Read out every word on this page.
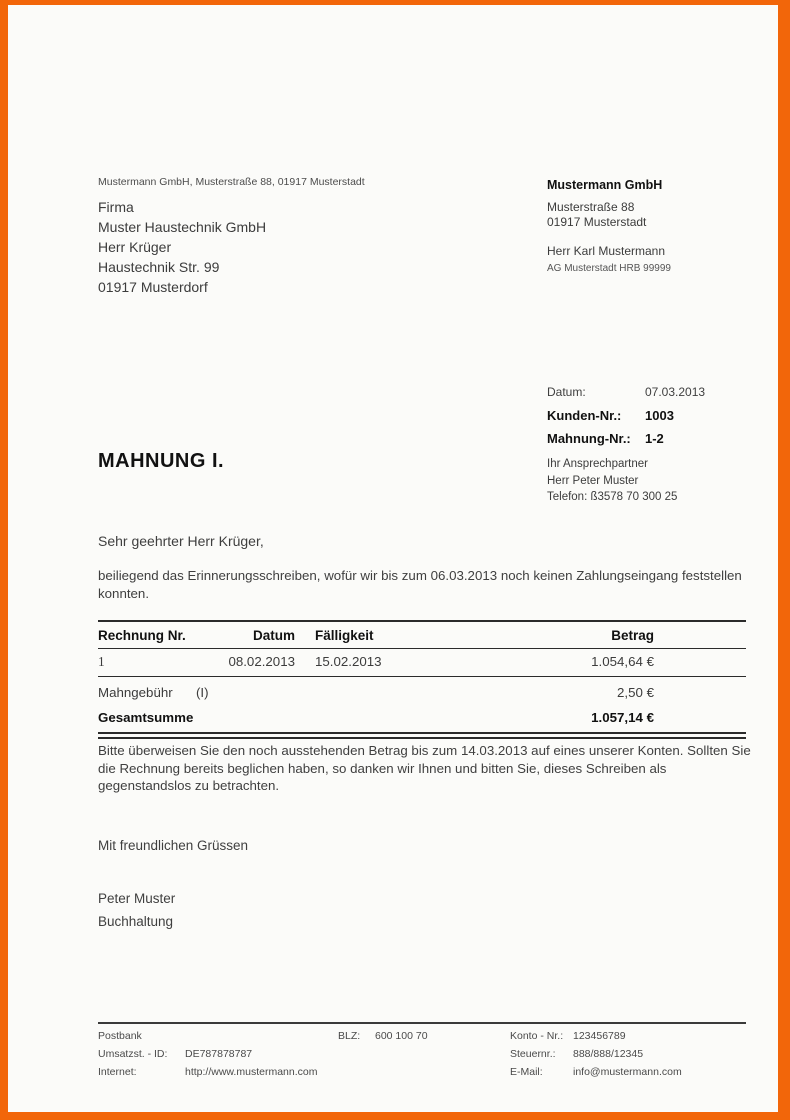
Mustermann GmbH, Musterstraße 88, 01917 Musterstadt
Firma
Muster Haustechnik GmbH
Herr Krüger
Haustechnik Str. 99
01917 Musterdorf
Mustermann GmbH
Musterstraße 88
01917 Musterstadt
Herr Karl Mustermann
AG Musterstadt HRB 99999
Datum:	07.03.2013
Kunden-Nr.:	1003
Mahnung-Nr.:	1-2
MAHNUNG I.	Ihr Ansprechpartner
Herr Peter Muster
Telefon: ß3578 70 300 25
Sehr geehrter Herr Krüger,
beiliegend das Erinnerungsschreiben, wofür wir bis zum 06.03.2013 noch keinen Zahlungseingang feststellen konnten.
Rechnung Nr.	Datum	Fälligkeit	Betrag
1	08.02.2013	15.02.2013	1.054,64 €
Mahngebühr	(I)	2,50 €
Gesamtsumme	1.057,14 €
Bitte überweisen Sie den noch ausstehenden Betrag bis zum 14.03.2013 auf eines unserer Konten. Sollten Sie die Rechnung bereits beglichen haben, so danken wir Ihnen und bitten Sie, dieses Schreiben als gegenstandslos zu betrachten.
Mit freundlichen Grüssen
Peter Muster
Buchhaltung
Postbank	BLZ: 600 100 70	Konto - Nr.: 123456789
Umsatzst. - ID: DE787878787	Steuernr.: 888/888/12345
Internet:	http://www.mustermann.com	E-Mail:	info@mustermann.com
